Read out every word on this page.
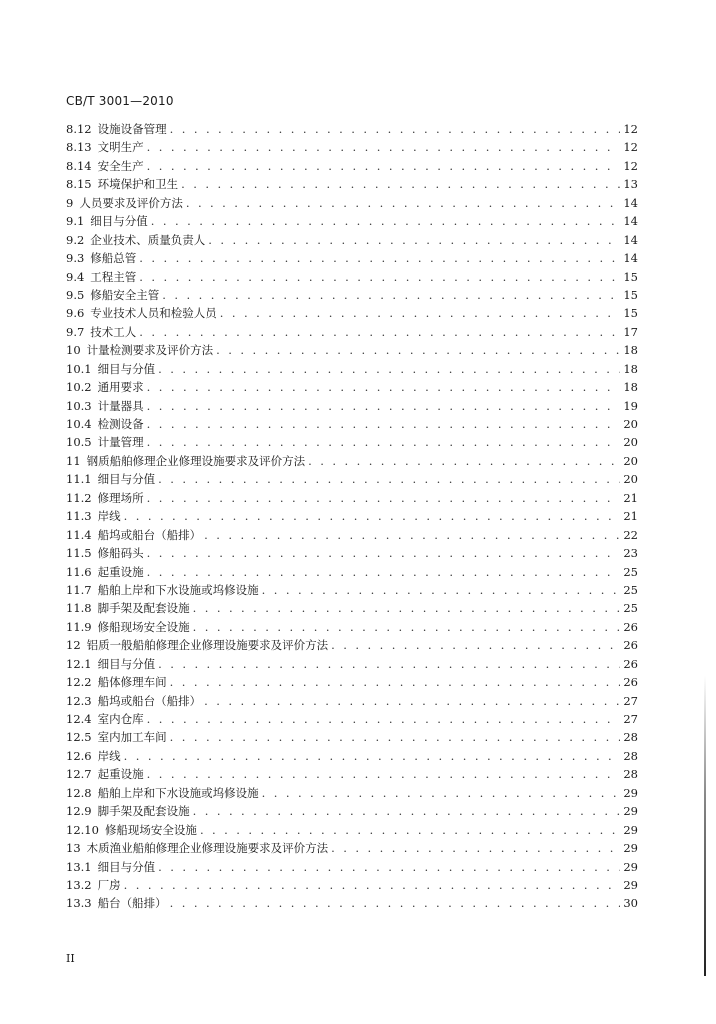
CB/T 3001—2010
8.12 设施设备管理 . . .	12
8.13 文明生产 . . .	12
8.14 安全生产 . . .	12
8.15 环境保护和卫生 . . .	13
9 人员要求及评价方法 . . .	14
9.1 细目与分值 . . .	14
9.2 企业技术、质量负责人 . . .	14
9.3 修船总管 . . .	14
9.4 工程主管 . . .	15
9.5 修船安全主管 . . .	15
9.6 专业技术人员和检验人员 . . .	15
9.7 技术工人 . . .	17
10 计量检测要求及评价方法 . . .	18
10.1 细目与分值 . . .	18
10.2 通用要求 . . .	18
10.3 计量器具 . . .	19
10.4 检测设备 . . .	20
10.5 计量管理 . . .	20
11 钢质船舶修理企业修理设施要求及评价方法 . . .	20
11.1 细目与分值 . . .	20
11.2 修理场所 . . .	21
11.3 岸线 . . .	21
11.4 船坞或船台（船排） . . .	22
11.5 修船码头 . . .	23
11.6 起重设施 . . .	25
11.7 船舶上岸和下水设施或坞修设施 . . .	25
11.8 脚手架及配套设施 . . .	25
11.9 修船现场安全设施 . . .	26
12 铝质一般船舶修理企业修理设施要求及评价方法 . . .	26
12.1 细目与分值 . . .	26
12.2 船体修理车间 . . .	26
12.3 船坞或船台（船排） . . .	27
12.4 室内仓库 . . .	27
12.5 室内加工车间 . . .	28
12.6 岸线 . . .	28
12.7 起重设施 . . .	28
12.8 船舶上岸和下水设施或坞修设施 . . .	29
12.9 脚手架及配套设施 . . .	29
12.10 修船现场安全设施 . . .	29
13 木质渔业船舶修理企业修理设施要求及评价方法 . . .	29
13.1 细目与分值 . . .	29
13.2 厂房 . . .	29
13.3 船台（船排） . . .	30
II
